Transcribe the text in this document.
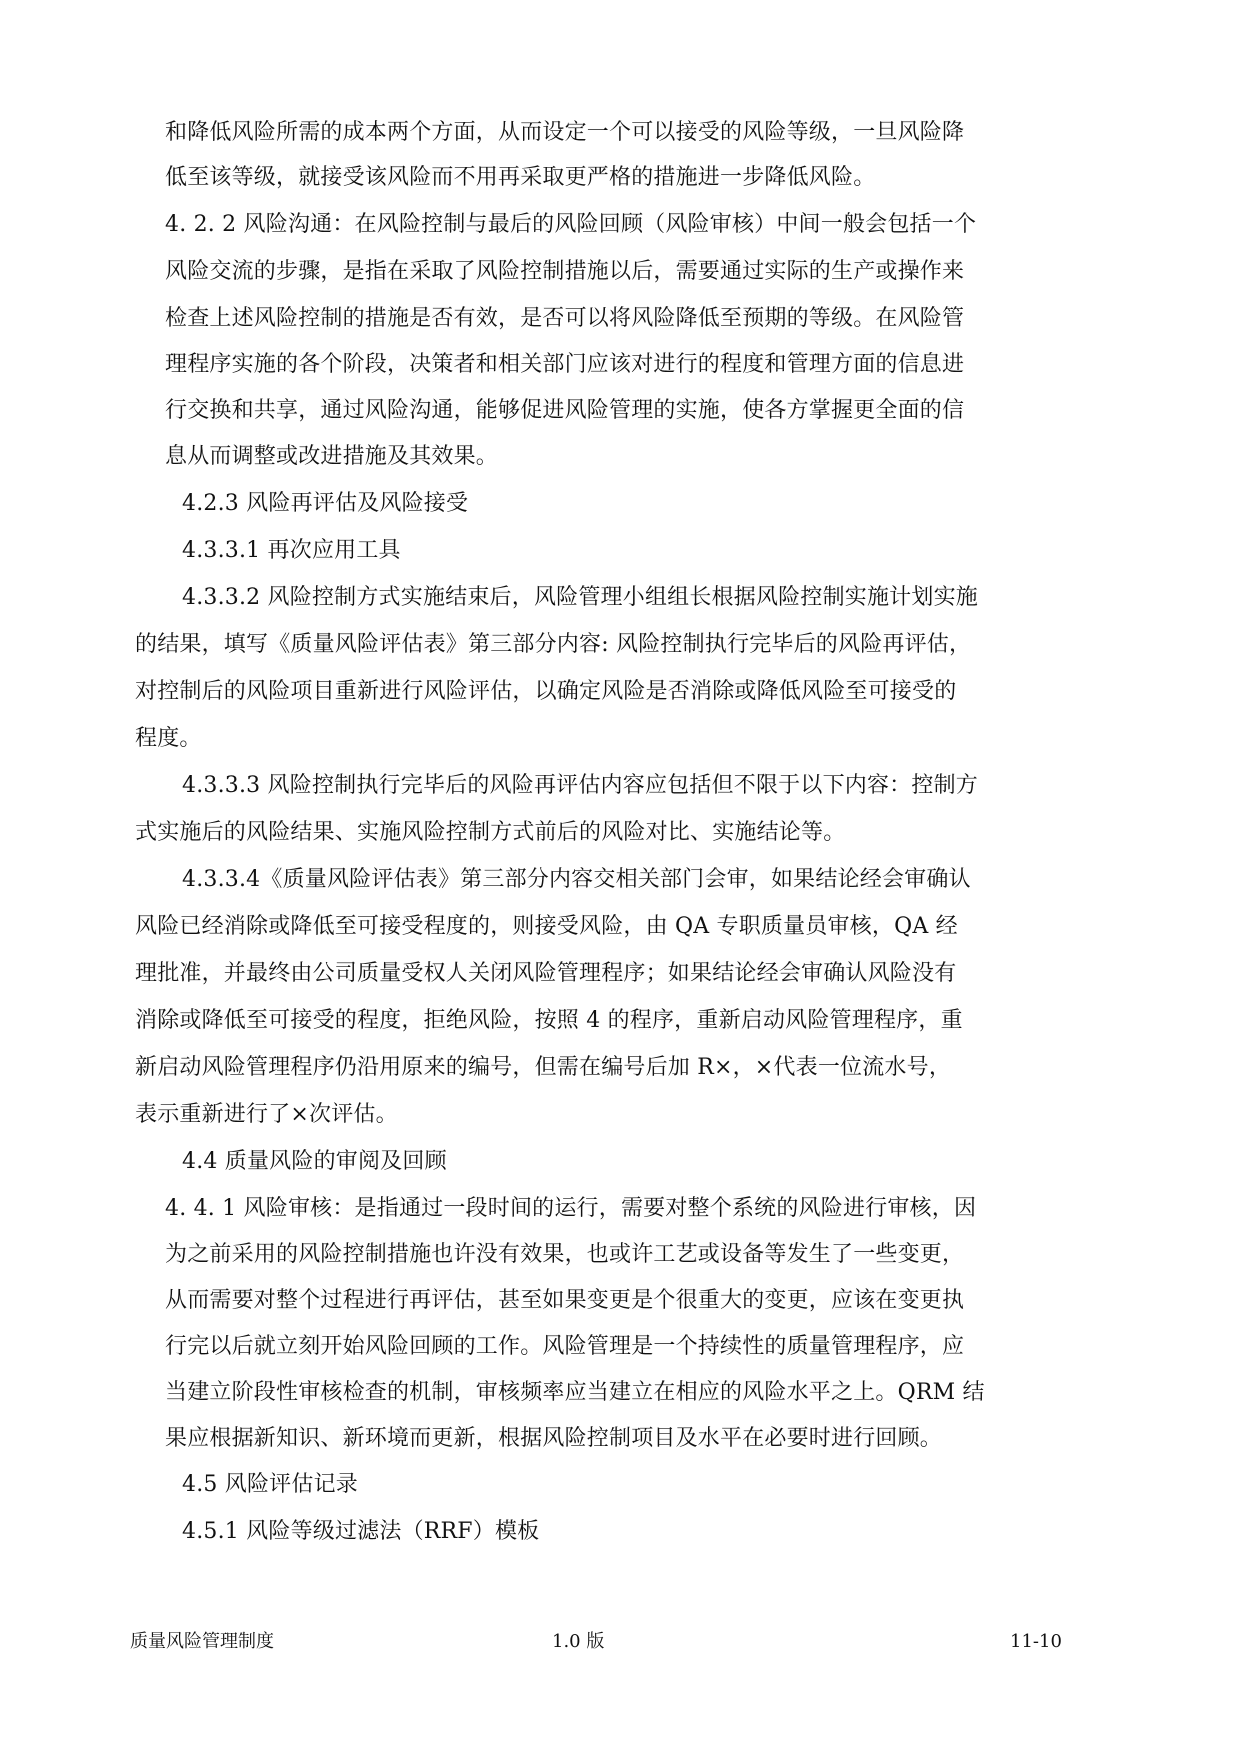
和降低风险所需的成本两个方面，从而设定一个可以接受的风险等级，一旦风险降
低至该等级，就接受该风险而不用再采取更严格的措施进一步降低风险。
4. 2. 2 风险沟通：在风险控制与最后的风险回顾（风险审核）中间一般会包括一个
风险交流的步骤，是指在采取了风险控制措施以后，需要通过实际的生产或操作来
检查上述风险控制的措施是否有效，是否可以将风险降低至预期的等级。在风险管
理程序实施的各个阶段，决策者和相关部门应该对进行的程度和管理方面的信息进
行交换和共享，通过风险沟通，能够促进风险管理的实施，使各方掌握更全面的信
息从而调整或改进措施及其效果。
4.2.3 风险再评估及风险接受
4.3.3.1 再次应用工具
4.3.3.2 风险控制方式实施结束后，风险管理小组组长根据风险控制实施计划实施
的结果，填写《质量风险评估表》第三部分内容: 风险控制执行完毕后的风险再评估，
对控制后的风险项目重新进行风险评估，以确定风险是否消除或降低风险至可接受的
程度。
4.3.3.3 风险控制执行完毕后的风险再评估内容应包括但不限于以下内容：控制方
式实施后的风险结果、实施风险控制方式前后的风险对比、实施结论等。
4.3.3.4《质量风险评估表》第三部分内容交相关部门会审，如果结论经会审确认
风险已经消除或降低至可接受程度的，则接受风险，由 QA 专职质量员审核，QA 经
理批准，并最终由公司质量受权人关闭风险管理程序；如果结论经会审确认风险没有
消除或降低至可接受的程度，拒绝风险，按照 4 的程序，重新启动风险管理程序，重
新启动风险管理程序仍沿用原来的编号，但需在编号后加 R×，×代表一位流水号，
表示重新进行了×次评估。
4.4 质量风险的审阅及回顾
4. 4. 1 风险审核：是指通过一段时间的运行，需要对整个系统的风险进行审核，因
为之前采用的风险控制措施也许没有效果，也或许工艺或设备等发生了一些变更，
从而需要对整个过程进行再评估，甚至如果变更是个很重大的变更，应该在变更执
行完以后就立刻开始风险回顾的工作。风险管理是一个持续性的质量管理程序，应
当建立阶段性审核检查的机制，审核频率应当建立在相应的风险水平之上。QRM 结
果应根据新知识、新环境而更新，根据风险控制项目及水平在必要时进行回顾。
4.5 风险评估记录
4.5.1 风险等级过滤法（RRF）模板
质量风险管理制度	1.0 版	11-10
